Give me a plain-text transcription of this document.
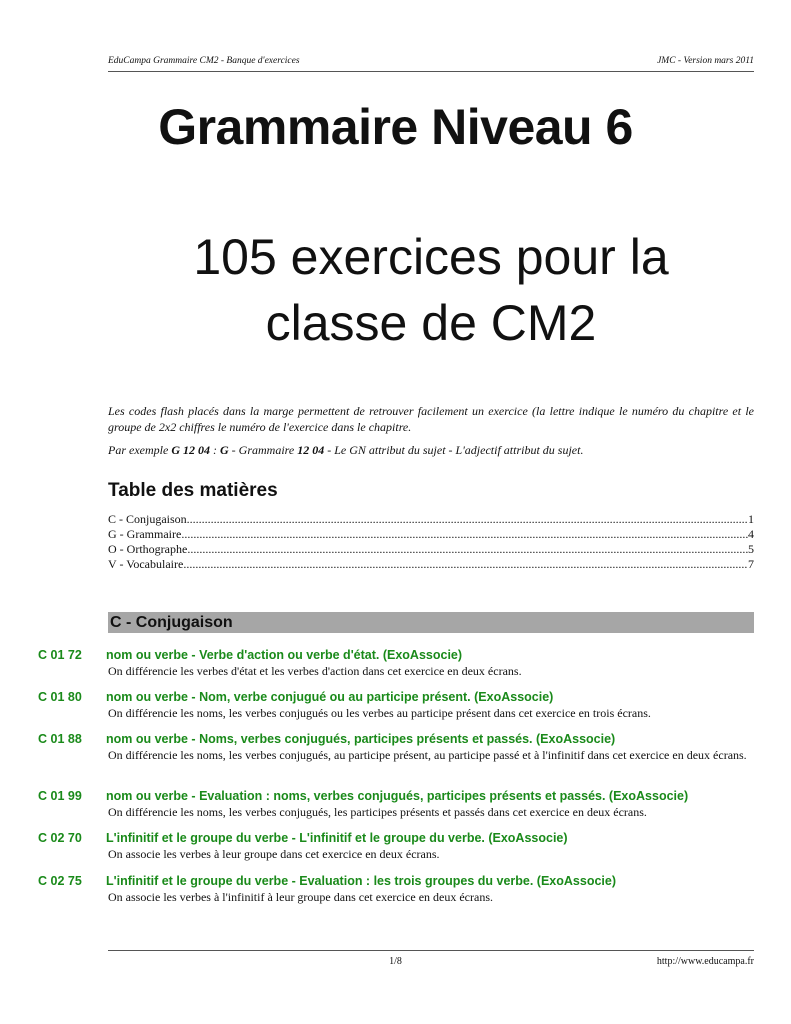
EduCampa Grammaire CM2 - Banque d'exercices	JMC - Version mars 2011
Grammaire Niveau 6
105 exercices pour la
classe de CM2
Les codes flash placés dans la marge permettent de retrouver facilement un exercice (la lettre indique le numéro du chapitre et le groupe de 2x2 chiffres le numéro de l'exercice dans le chapitre.
Par exemple G 12 04 : G - Grammaire 12 04 - Le GN attribut du sujet - L'adjectif attribut du sujet.
Table des matières
C - Conjugaison .....	1
G - Grammaire .....	4
O - Orthographe .....	5
V - Vocabulaire .....	7
C - Conjugaison
C 01 72 nom ou verbe - Verbe d'action ou verbe d'état. (ExoAssocie)
On différencie les verbes d'état et les verbes d'action dans cet exercice en deux écrans.
C 01 80 nom ou verbe - Nom, verbe conjugué ou au participe présent. (ExoAssocie)
On différencie les noms, les verbes conjugués ou les verbes au participe présent dans cet exercice en trois écrans.
C 01 88 nom ou verbe - Noms, verbes conjugués, participes présents et passés. (ExoAssocie)
On différencie les noms, les verbes conjugués, au participe présent, au participe passé et à l'infinitif dans cet exercice en deux écrans.
C 01 99 nom ou verbe - Evaluation : noms, verbes conjugués, participes présents et passés. (ExoAssocie)
On différencie les noms, les verbes conjugués, les participes présents et passés dans cet exercice en deux écrans.
C 02 70 L'infinitif et le groupe du verbe - L'infinitif et le groupe du verbe. (ExoAssocie)
On associe les verbes à leur groupe dans cet exercice en deux écrans.
C 02 75 L'infinitif et le groupe du verbe - Evaluation : les trois groupes du verbe. (ExoAssocie)
On associe les verbes à l'infinitif à leur groupe dans cet exercice en deux écrans.
1/8	http://www.educampa.fr
